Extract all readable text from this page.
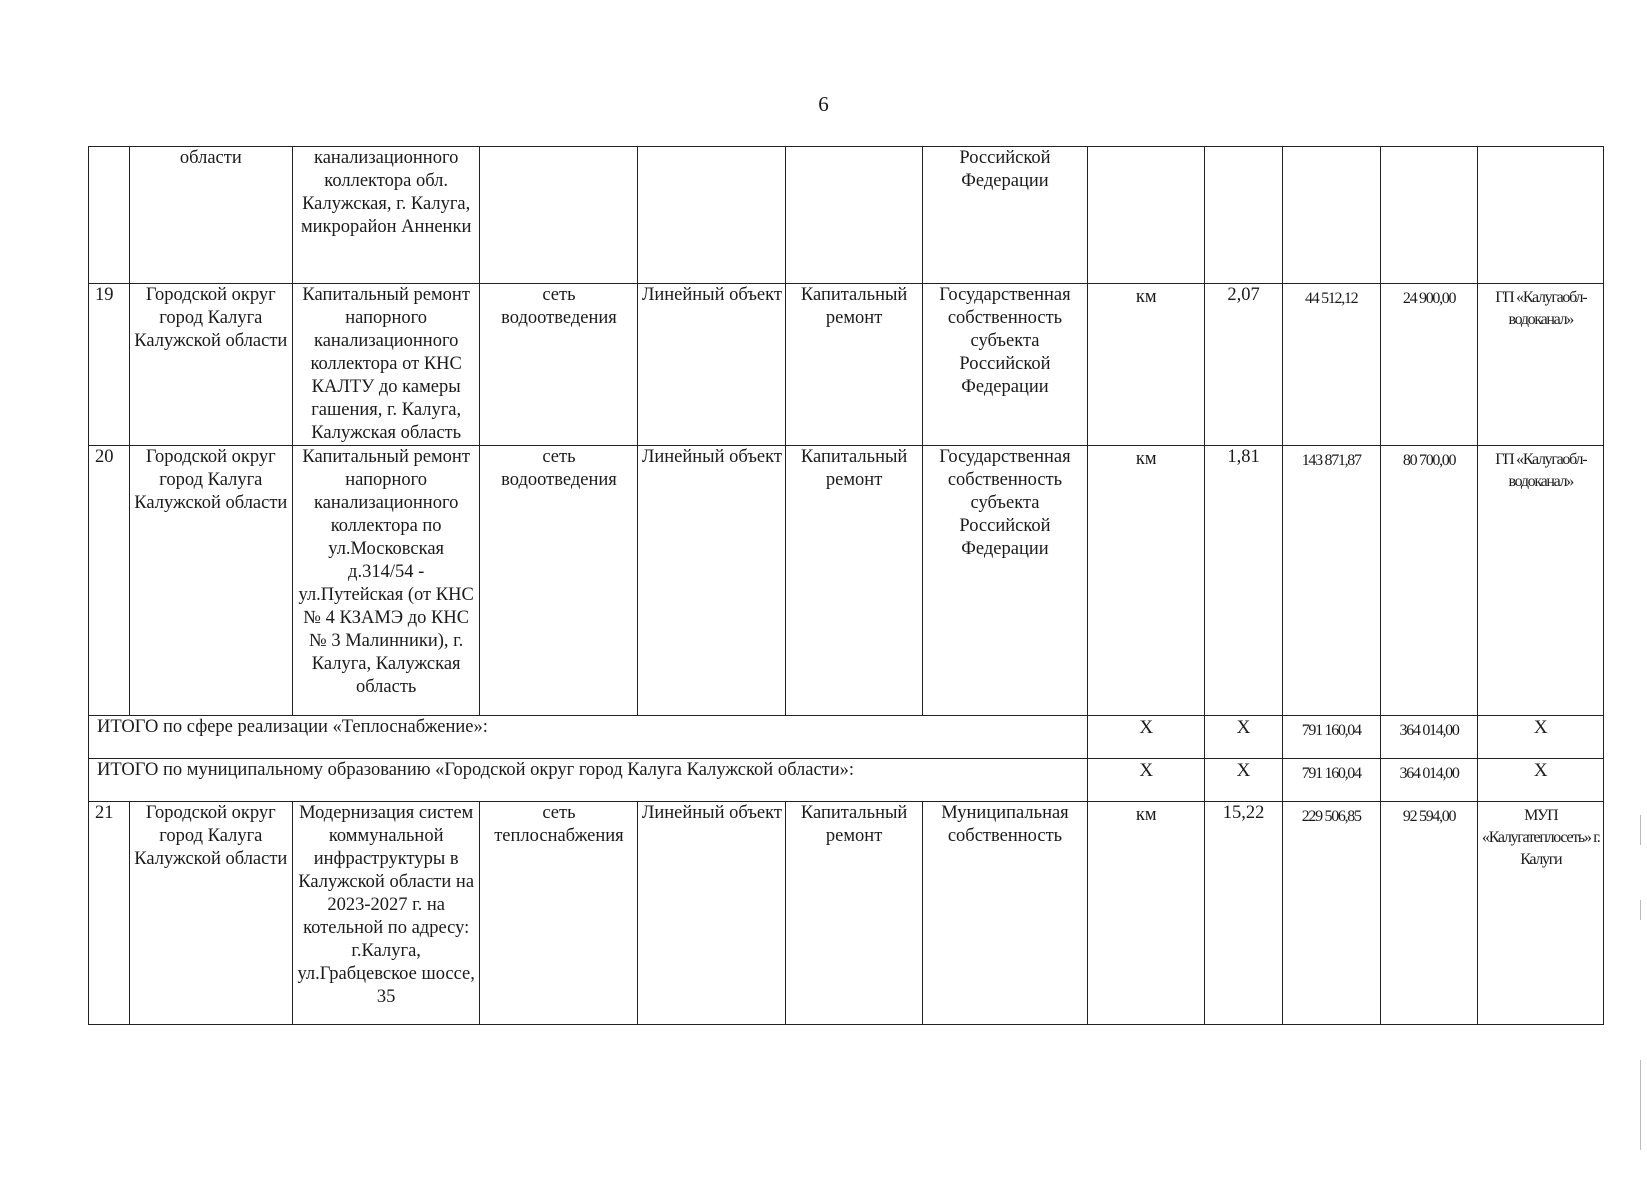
6
	области	канализационного коллектора обл. Калужская, г. Калуга, микрорайон Анненки				Российской Федерации					
19	Городской округ город Калуга Калужской области	Капитальный ремонт напорного канализационного коллектора от КНС КАЛТУ до камеры гашения, г. Калуга, Калужская область	сеть водоотведения	Линейный объект	Капитальный ремонт	Государственная собственность субъекта Российской Федерации	км	2,07	44 512,12	24 900,00	ГП «Калугаобл-водоканал»
20	Городской округ город Калуга Калужской области	Капитальный ремонт напорного канализационного коллектора по ул.Московская д.314/54 - ул.Путейская (от КНС № 4 КЗАМЭ до КНС № 3 Малинники), г. Калуга, Калужская область	сеть водоотведения	Линейный объект	Капитальный ремонт	Государственная собственность субъекта Российской Федерации	км	1,81	143 871,87	80 700,00	ГП «Калугаобл-водоканал»
ИТОГО по сфере реализации «Теплоснабжение»:							Х	Х	791 160,04	364 014,00	Х
ИТОГО по муниципальному образованию «Городской округ город Калуга Калужской области»:							Х	Х	791 160,04	364 014,00	Х
21	Городской округ город Калуга Калужской области	Модернизация систем коммунальной инфраструктуры в Калужской области на 2023-2027 г. на котельной по адресу: г.Калуга, ул.Грабцевское шоссе, 35	сеть теплоснабжения	Линейный объект	Капитальный ремонт	Муниципальная собственность	км	15,22	229 506,85	92 594,00	МУП «Калугатеплосеть» г. Калуги
